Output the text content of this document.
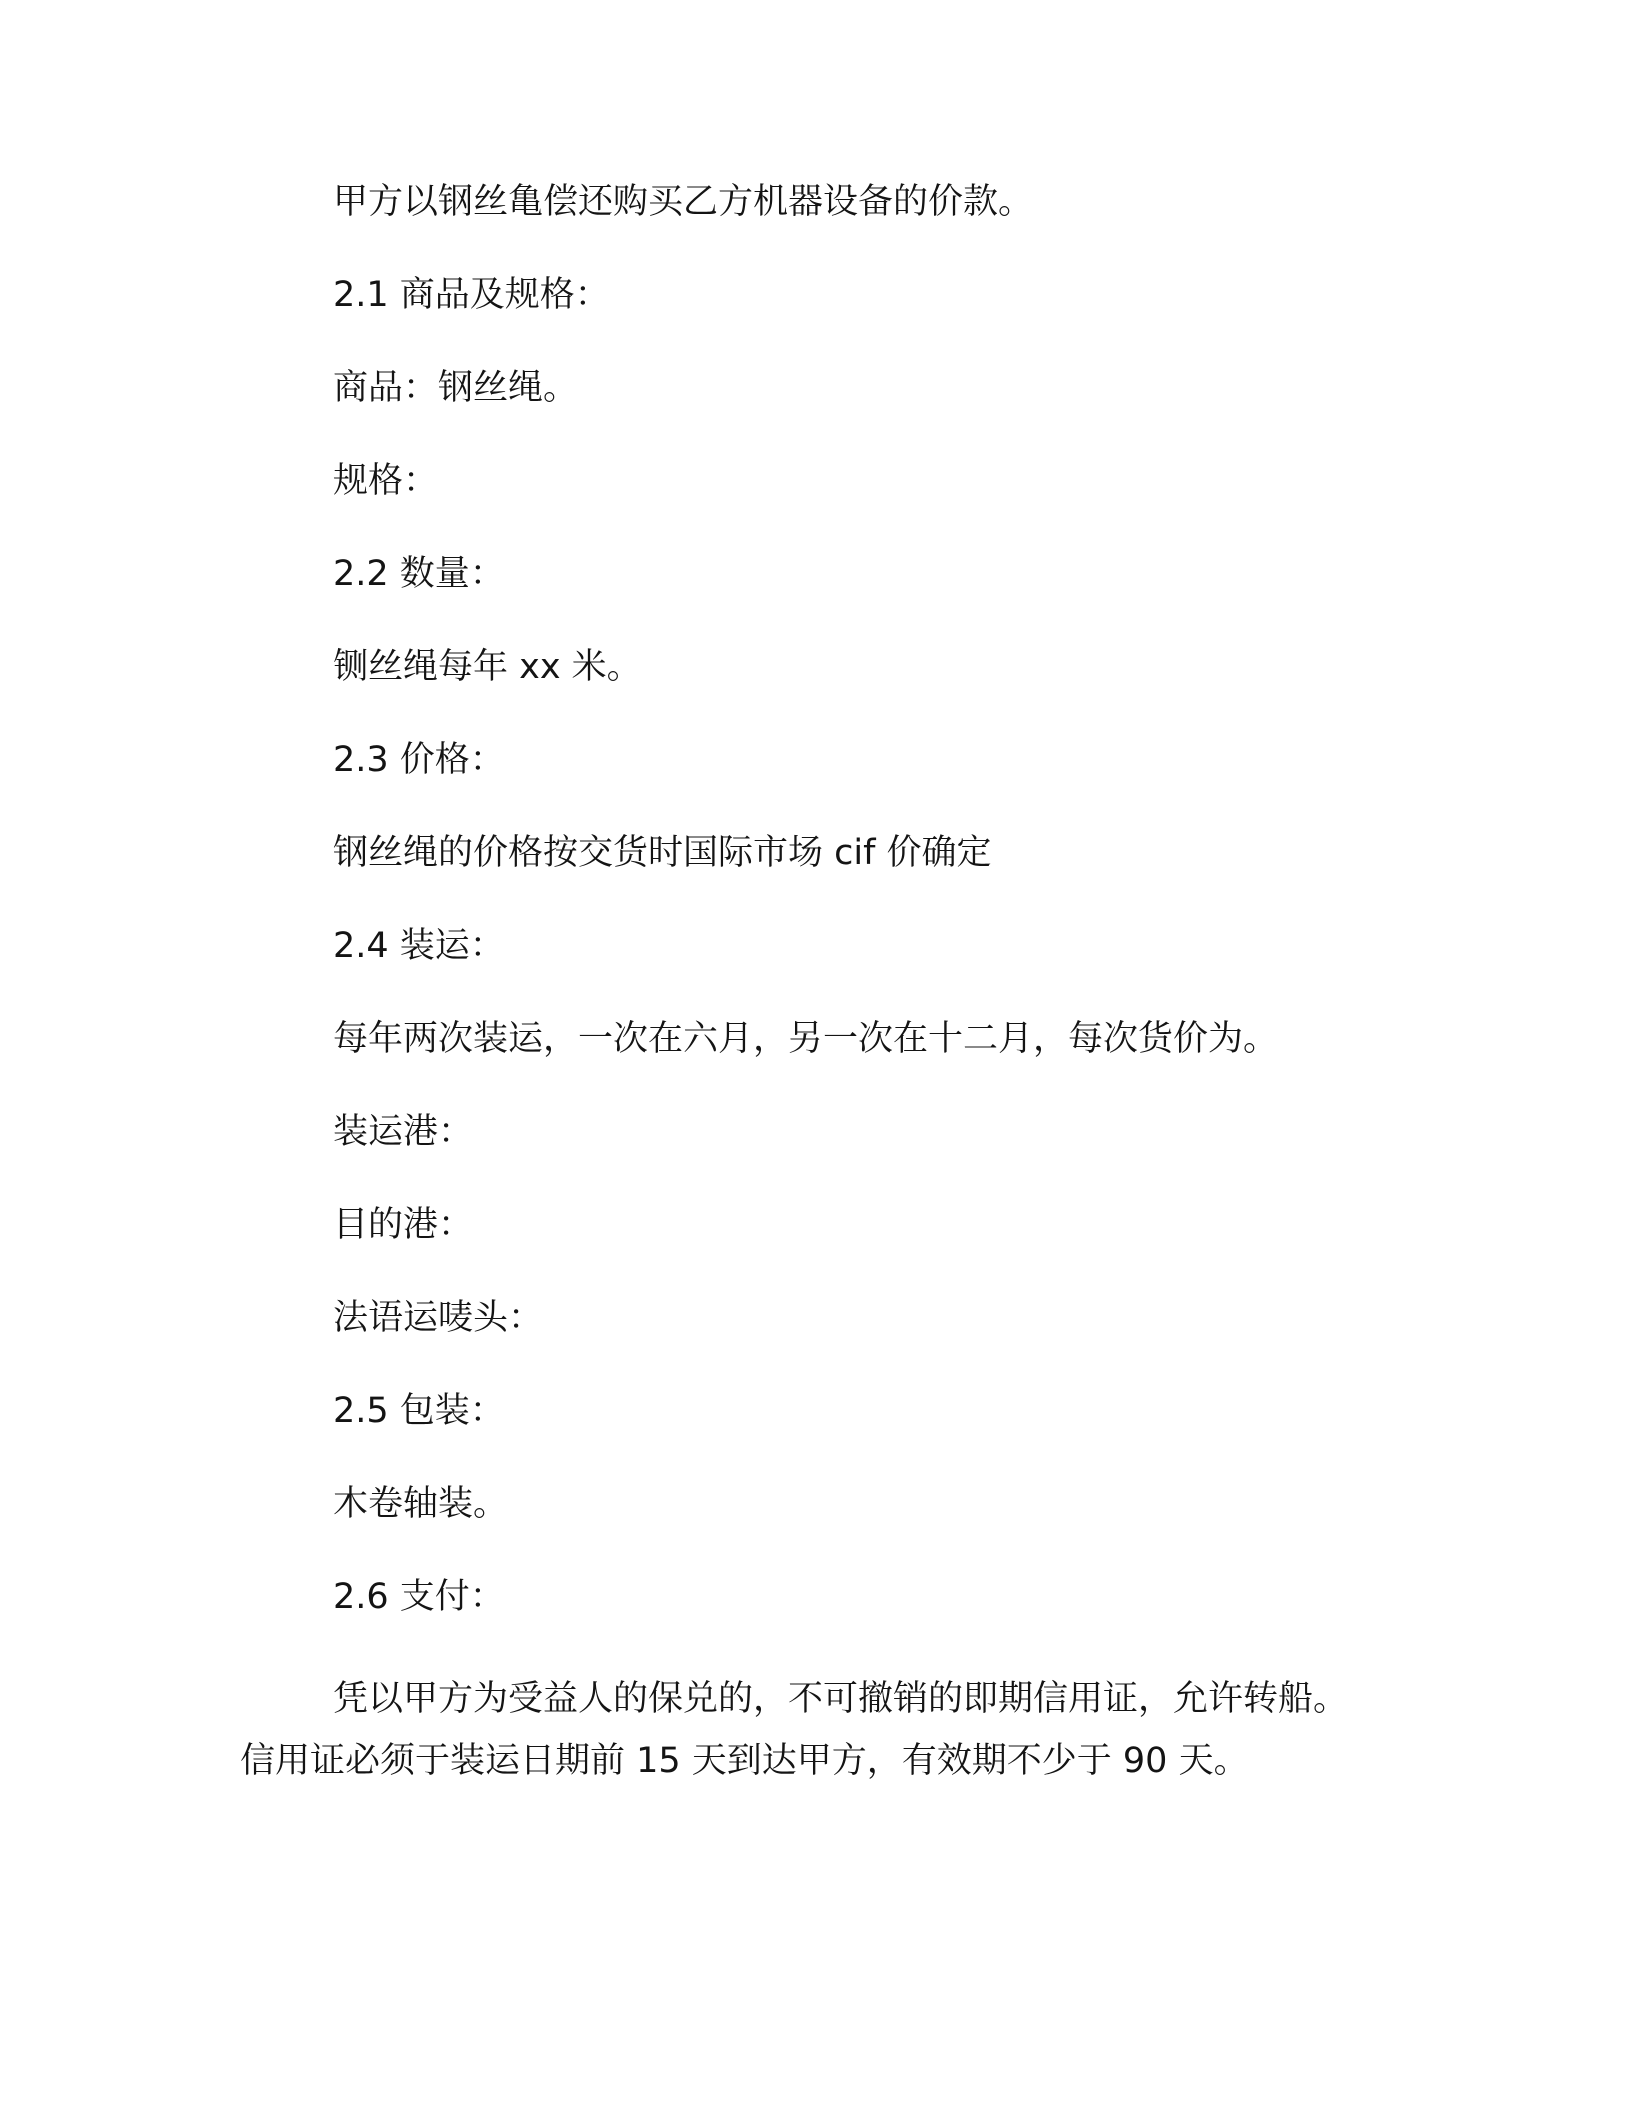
甲方以钢丝亀偿还购买乙方机器设备的价款。

2.1 商品及规格：

商品：钢丝绳。

规格：

2.2 数量：

铡丝绳每年 xx 米。

2.3 价格：

钢丝绳的价格按交货时国际市场 cif 价确定

2.4 装运：

每年两次装运，一次在六月，另一次在十二月，每次货价为。

装运港：

目的港：

法语运唛头：

2.5 包装：

木卷轴装。

2.6 支付：

凭以甲方为受益人的保兑的，不可撤销的即期信用证，允许转船。
信用证必须于装运日期前 15 天到达甲方，有效期不少于 90 天。
